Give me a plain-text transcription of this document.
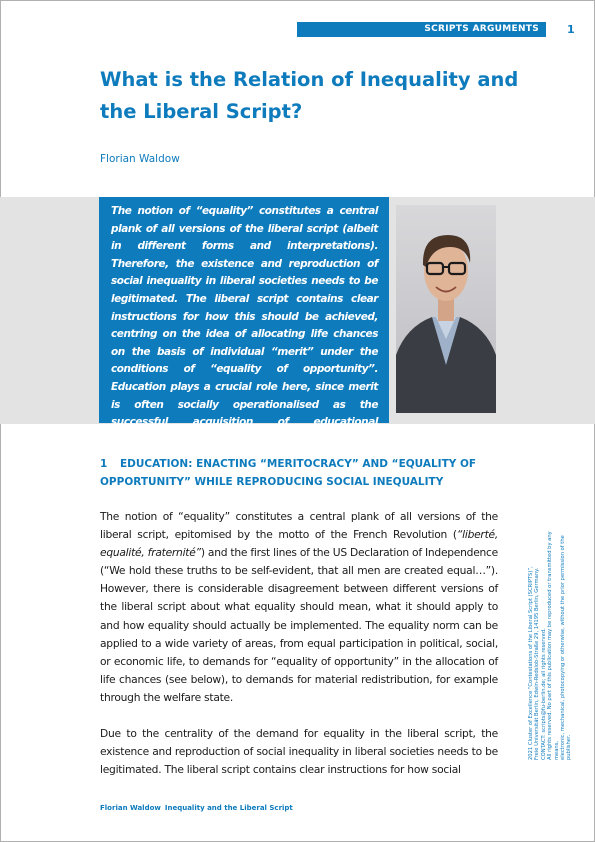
SCRIPTS ARGUMENTS	1
What is the Relation of Inequality and the Liberal Script?
Florian Waldow

The notion of “equality” constitutes a central plank of all versions of the liberal script (albeit in different forms and interpretations). Therefore, the existence and reproduction of social inequality in liberal societies needs to be legitimated. The liberal script contains clear instructions for how this should be achieved, centring on the idea of allocating life chances on the basis of individual “merit” under the conditions of “equality of opportunity”. Education plays a crucial role here, since merit is often socially operationalised as the successful acquisition of educational certificates.

1 EDUCATION: ENACTING “MERITOCRACY” AND “EQUALITY OF OPPORTUNITY” WHILE REPRODUCING SOCIAL INEQUALITY

The notion of “equality” constitutes a central plank of all versions of the liberal script, epitomised by the motto of the French Revolution (“liberté, equalité, fraternité”) and the first lines of the US Declaration of Independence (“We hold these truths to be self-evident, that all men are created equal…”). However, there is considerable disagreement between different versions of the liberal script about what equality should mean, what it should apply to and how equality should actually be implemented. The equality norm can be applied to a wide variety of areas, from equal participation in political, social, or economic life, to demands for “equality of opportunity” in the allocation of life chances (see below), to demands for material redistribution, for example through the welfare state.

Due to the centrality of the demand for equality in the liberal script, the existence and reproduction of social inequality in liberal societies needs to be legitimated. The liberal script contains clear instructions for how social

2021 Cluster of Excellence “Contestations of the Liberal Script (SCRIPTS)”, Freie Universität Berlin, Edwin-Redslob-Straße 29, 14195 Berlin, Germany. CONTACT: scripts@fu-berlin.de; all rights reserved. All rights reserved. No part of this publication may be reproduced or transmitted by any means, electronic, mechanical, photocopying or otherwise, without the prior permission of the publisher.
Florian Waldow Inequality and the Liberal Script
